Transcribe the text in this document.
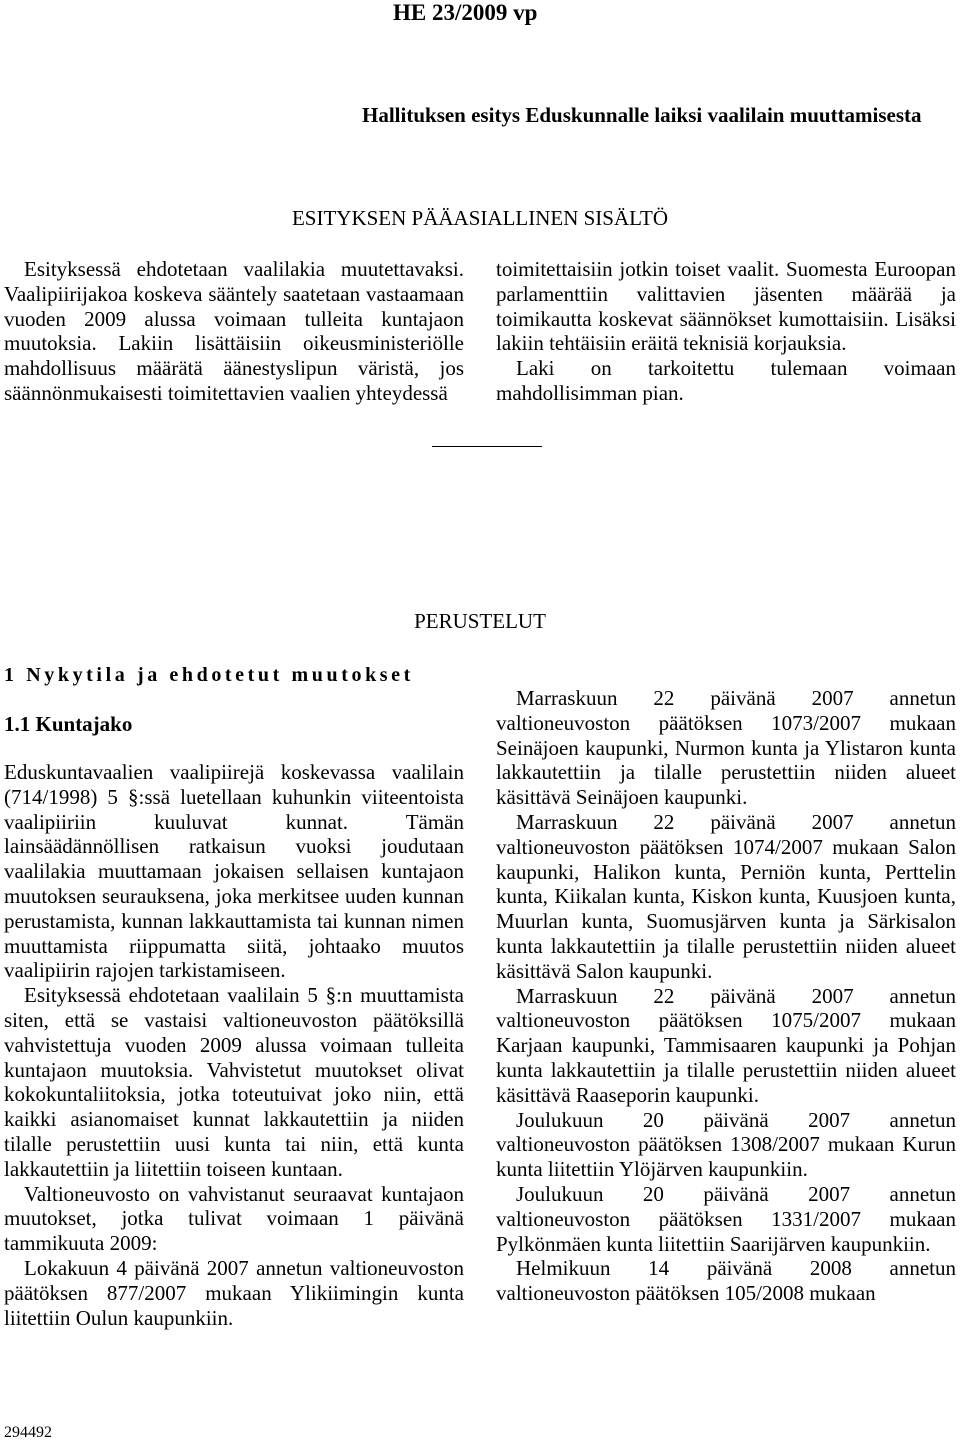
HE 23/2009 vp
Hallituksen esitys Eduskunnalle laiksi vaalilain muuttamisesta
ESITYKSEN PÄÄASIALLINEN SISÄLTÖ

Esityksessä ehdotetaan vaalilakia muutettavaksi. Vaalipiirijakoa koskeva sääntely saatetaan vastaamaan vuoden 2009 alussa voimaan tulleita kuntajaon muutoksia. Lakiin lisättäisiin oikeusministeriölle mahdollisuus määrätä äänestyslipun väristä, jos säännönmukaisesti toimitettavien vaalien yhteydessä

toimitettaisiin jotkin toiset vaalit. Suomesta Euroopan parlamenttiin valittavien jäsenten määrää ja toimikautta koskevat säännökset kumottaisiin. Lisäksi lakiin tehtäisiin eräitä teknisiä korjauksia.

Laki on tarkoitettu tulemaan voimaan mahdollisimman pian.

PERUSTELUT
1 Nykytila ja ehdotetut muutokset
1.1 Kuntajako

Eduskuntavaalien vaalipiirejä koskevassa vaalilain (714/1998) 5 §:ssä luetellaan kuhunkin viiteentoista vaalipiiriin kuuluvat kunnat. Tämän lainsäädännöllisen ratkaisun vuoksi joudutaan vaalilakia muuttamaan jokaisen sellaisen kuntajaon muutoksen seurauksena, joka merkitsee uuden kunnan perustamista, kunnan lakkauttamista tai kunnan nimen muuttamista riippumatta siitä, johtaako muutos vaalipiirin rajojen tarkistamiseen.

Esityksessä ehdotetaan vaalilain 5 §:n muuttamista siten, että se vastaisi valtioneuvoston päätöksillä vahvistettuja vuoden 2009 alussa voimaan tulleita kuntajaon muutoksia. Vahvistetut muutokset olivat kokokuntaliitoksia, jotka toteutuivat joko niin, että kaikki asianomaiset kunnat lakkautettiin ja niiden tilalle perustettiin uusi kunta tai niin, että kunta lakkautettiin ja liitettiin toiseen kuntaan.

Valtioneuvosto on vahvistanut seuraavat kuntajaon muutokset, jotka tulivat voimaan 1 päivänä tammikuuta 2009:

Lokakuun 4 päivänä 2007 annetun valtioneuvoston päätöksen 877/2007 mukaan Ylikiimingin kunta liitettiin Oulun kaupunkiin.

Marraskuun 22 päivänä 2007 annetun valtioneuvoston päätöksen 1073/2007 mukaan Seinäjoen kaupunki, Nurmon kunta ja Ylistaron kunta lakkautettiin ja tilalle perustettiin niiden alueet käsittävä Seinäjoen kaupunki.

Marraskuun 22 päivänä 2007 annetun valtioneuvoston päätöksen 1074/2007 mukaan Salon kaupunki, Halikon kunta, Perniön kunta, Perttelin kunta, Kiikalan kunta, Kiskon kunta, Kuusjoen kunta, Muurlan kunta, Suomusjärven kunta ja Särkisalon kunta lakkautettiin ja tilalle perustettiin niiden alueet käsittävä Salon kaupunki.

Marraskuun 22 päivänä 2007 annetun valtioneuvoston päätöksen 1075/2007 mukaan Karjaan kaupunki, Tammisaaren kaupunki ja Pohjan kunta lakkautettiin ja tilalle perustettiin niiden alueet käsittävä Raaseporin kaupunki.

Joulukuun 20 päivänä 2007 annetun valtioneuvoston päätöksen 1308/2007 mukaan Kurun kunta liitettiin Ylöjärven kaupunkiin.

Joulukuun 20 päivänä 2007 annetun valtioneuvoston päätöksen 1331/2007 mukaan Pylkönmäen kunta liitettiin Saarijärven kaupunkiin.

Helmikuun 14 päivänä 2008 annetun valtioneuvoston päätöksen 105/2008 mukaan

294492
